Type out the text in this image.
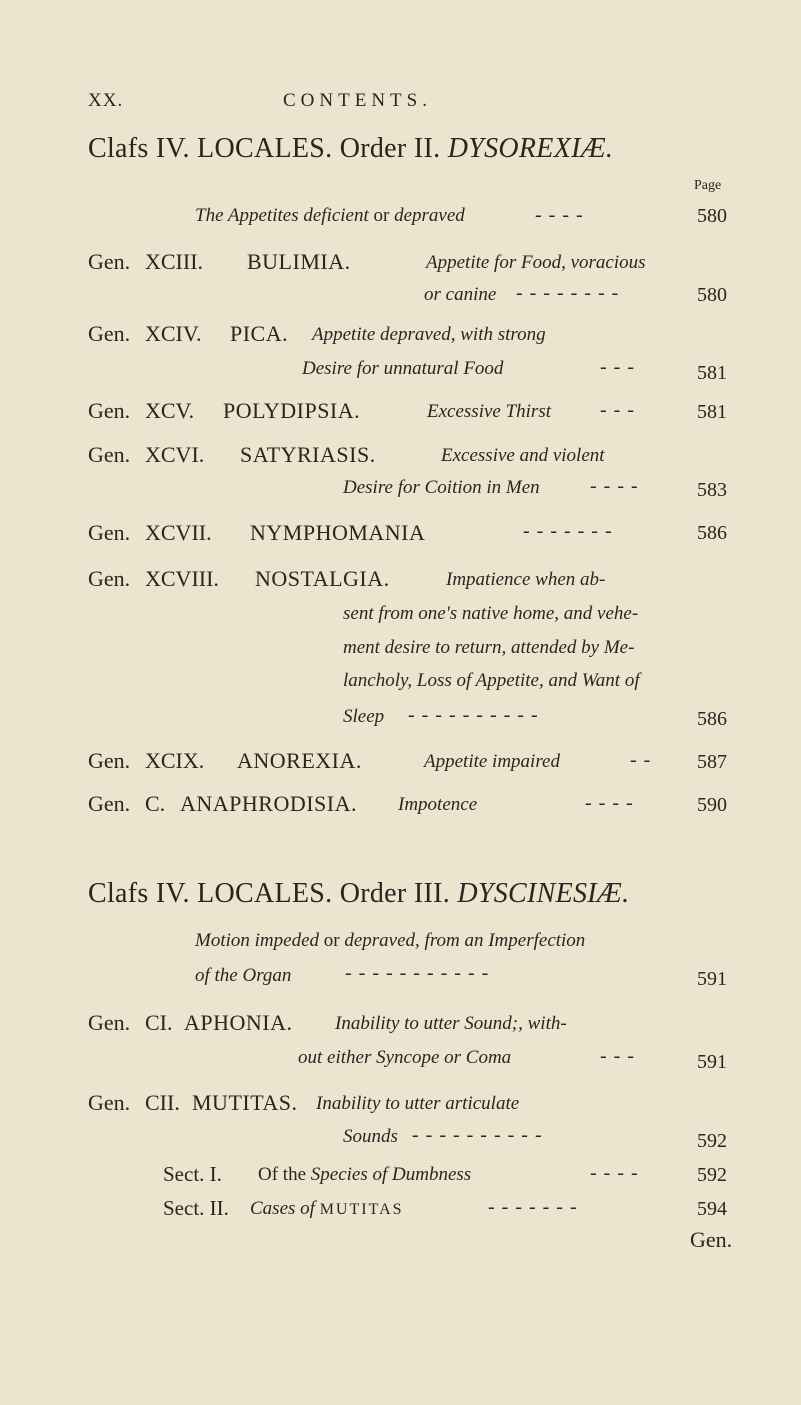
XX.	CONTENTS.
Clafs IV. LOCALES. Order II. DYSOREXIÆ.
Page
The Appetites deficient or depraved	----	580
Gen. XCIII. BULIMIA.	Appetite for Food, voracious
or canine --------	580
Gen. XCIV. PICA. Appetite depraved, with strong
Desire for unnatural Food	---	581
Gen. XCV. POLYDIPSIA.	Excessive Thirst ---	581
Gen. XCVI. SATYRIASIS.	Excessive and violent
Desire for Coition in Men	----	583
Gen. XCVII. NYMPHOMANIA	-------	586
Gen. XCVIII. NOSTALGIA.	Impatience when ab-
sent from one's native home, and vehe-
ment desire to return, attended by Me-
lancholy, Loss of Appetite, and Want of
Sleep ----------	586
Gen. XCIX. ANOREXIA.	Appetite impaired	-- 587
Gen. C. ANAPHRODISIA. Impotence	----	590
Clafs IV. LOCALES. Order III. DYSCINESIÆ.
Motion impeded or depraved, from an Imperfection
of the Organ	-----------	591
Gen. CI. APHONIA. Inability to utter Sound;, with-
out either Syncope or Coma	---	591
Gen. CII. MUTITAS. Inability to utter articulate
Sounds ----------	592
Sect. I. Of the Species of Dumbness	----	592
Sect. II. Cases of MUTITAS	-------	594
Gen.
